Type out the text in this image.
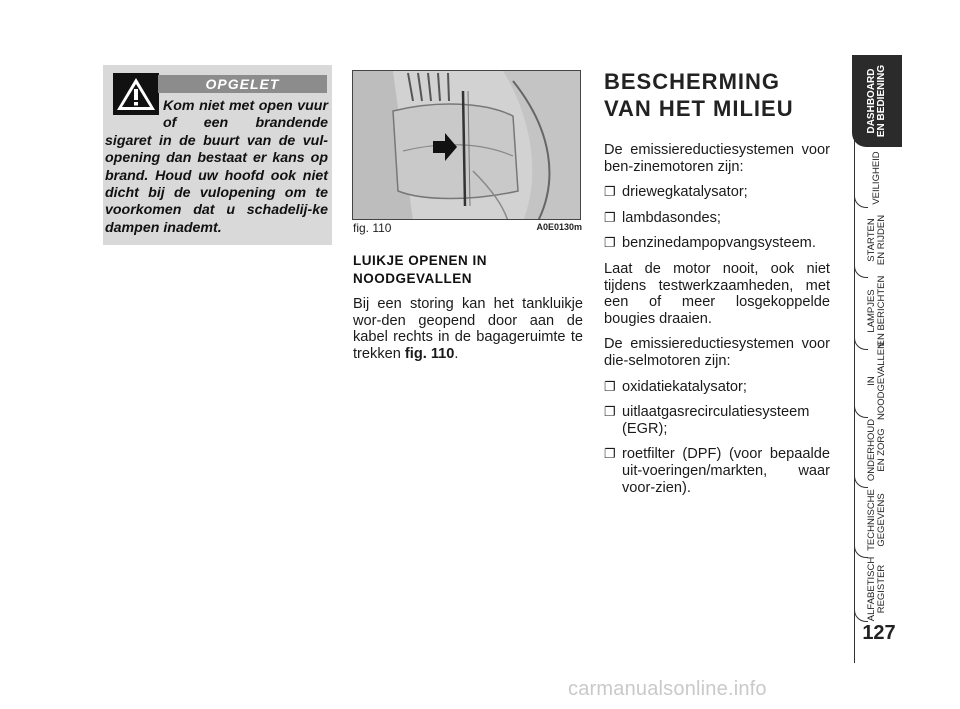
OPGELET
Kom niet met open vuur of een brandende
sigaret in de buurt van de vul-opening dan bestaat er kans op brand. Houd uw hoofd ook niet dicht bij de vulopening om te voorkomen dat u schadelij-ke dampen inademt.	fig. 110	A0E0130m
LUIKJE OPENEN IN NOODGEVALLEN
Bij een storing kan het tankluikje wor-den geopend door aan de kabel rechts in de bagageruimte te trekken fig. 110.
BESCHERMING VAN HET MILIEU

De emissiereductiesystemen voor ben-zinemotoren zijn:

❐ driewegkatalysator;
❐ lambdasondes;
❐ benzinedampopvangsysteem.

Laat de motor nooit, ook niet tijdens testwerkzaamheden, met een of meer losgekoppelde bougies draaien.

De emissiereductiesystemen voor die-selmotoren zijn:

❐ oxidatiekatalysator;
❐ uitlaatgasrecirculatiesysteem (EGR);
❐ roetfilter (DPF) (voor bepaalde uit-voeringen/markten, waar voor-zien).
DASHBOARD EN BEDIENING
VEILIGHEID
STARTEN EN RIJDEN
LAMPJES EN BERICHTEN
IN NOODGEVALLEN
ONDERHOUD EN ZORG
TECHNISCHE GEGEVENS
ALFABETISCH REGISTER
127
carmanualsonline.info
